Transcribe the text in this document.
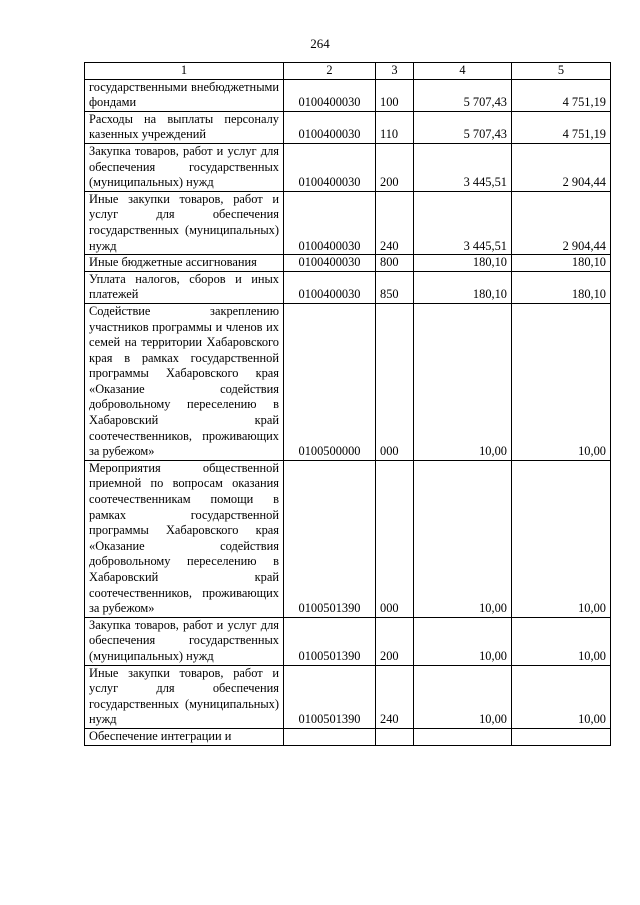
264
1	2	3	4	5
государственными внебюджетными фондами	0100400030	100	5 707,43	4 751,19
Расходы на выплаты персоналу казенных учреждений	0100400030	110	5 707,43	4 751,19
Закупка товаров, работ и услуг для обеспечения государственных (муниципальных) нужд	0100400030	200	3 445,51	2 904,44
Иные закупки товаров, работ и услуг для обеспечения государственных (муниципальных) нужд	0100400030	240	3 445,51	2 904,44
Иные бюджетные ассигнования	0100400030	800	180,10	180,10
Уплата налогов, сборов и иных платежей	0100400030	850	180,10	180,10
Содействие закреплению участников программы и членов их семей на территории Хабаровского края в рамках государственной программы Хабаровского края «Оказание содействия добровольному переселению в Хабаровский край соотечественников, проживающих за рубежом»	0100500000	000	10,00	10,00
Мероприятия общественной приемной по вопросам оказания соотечественникам помощи в рамках государственной программы Хабаровского края «Оказание содействия добровольному переселению в Хабаровский край соотечественников, проживающих за рубежом»	0100501390	000	10,00	10,00
Закупка товаров, работ и услуг для обеспечения государственных (муниципальных) нужд	0100501390	200	10,00	10,00
Иные закупки товаров, работ и услуг для обеспечения государственных (муниципальных) нужд	0100501390	240	10,00	10,00
Обеспечение интеграции и				
